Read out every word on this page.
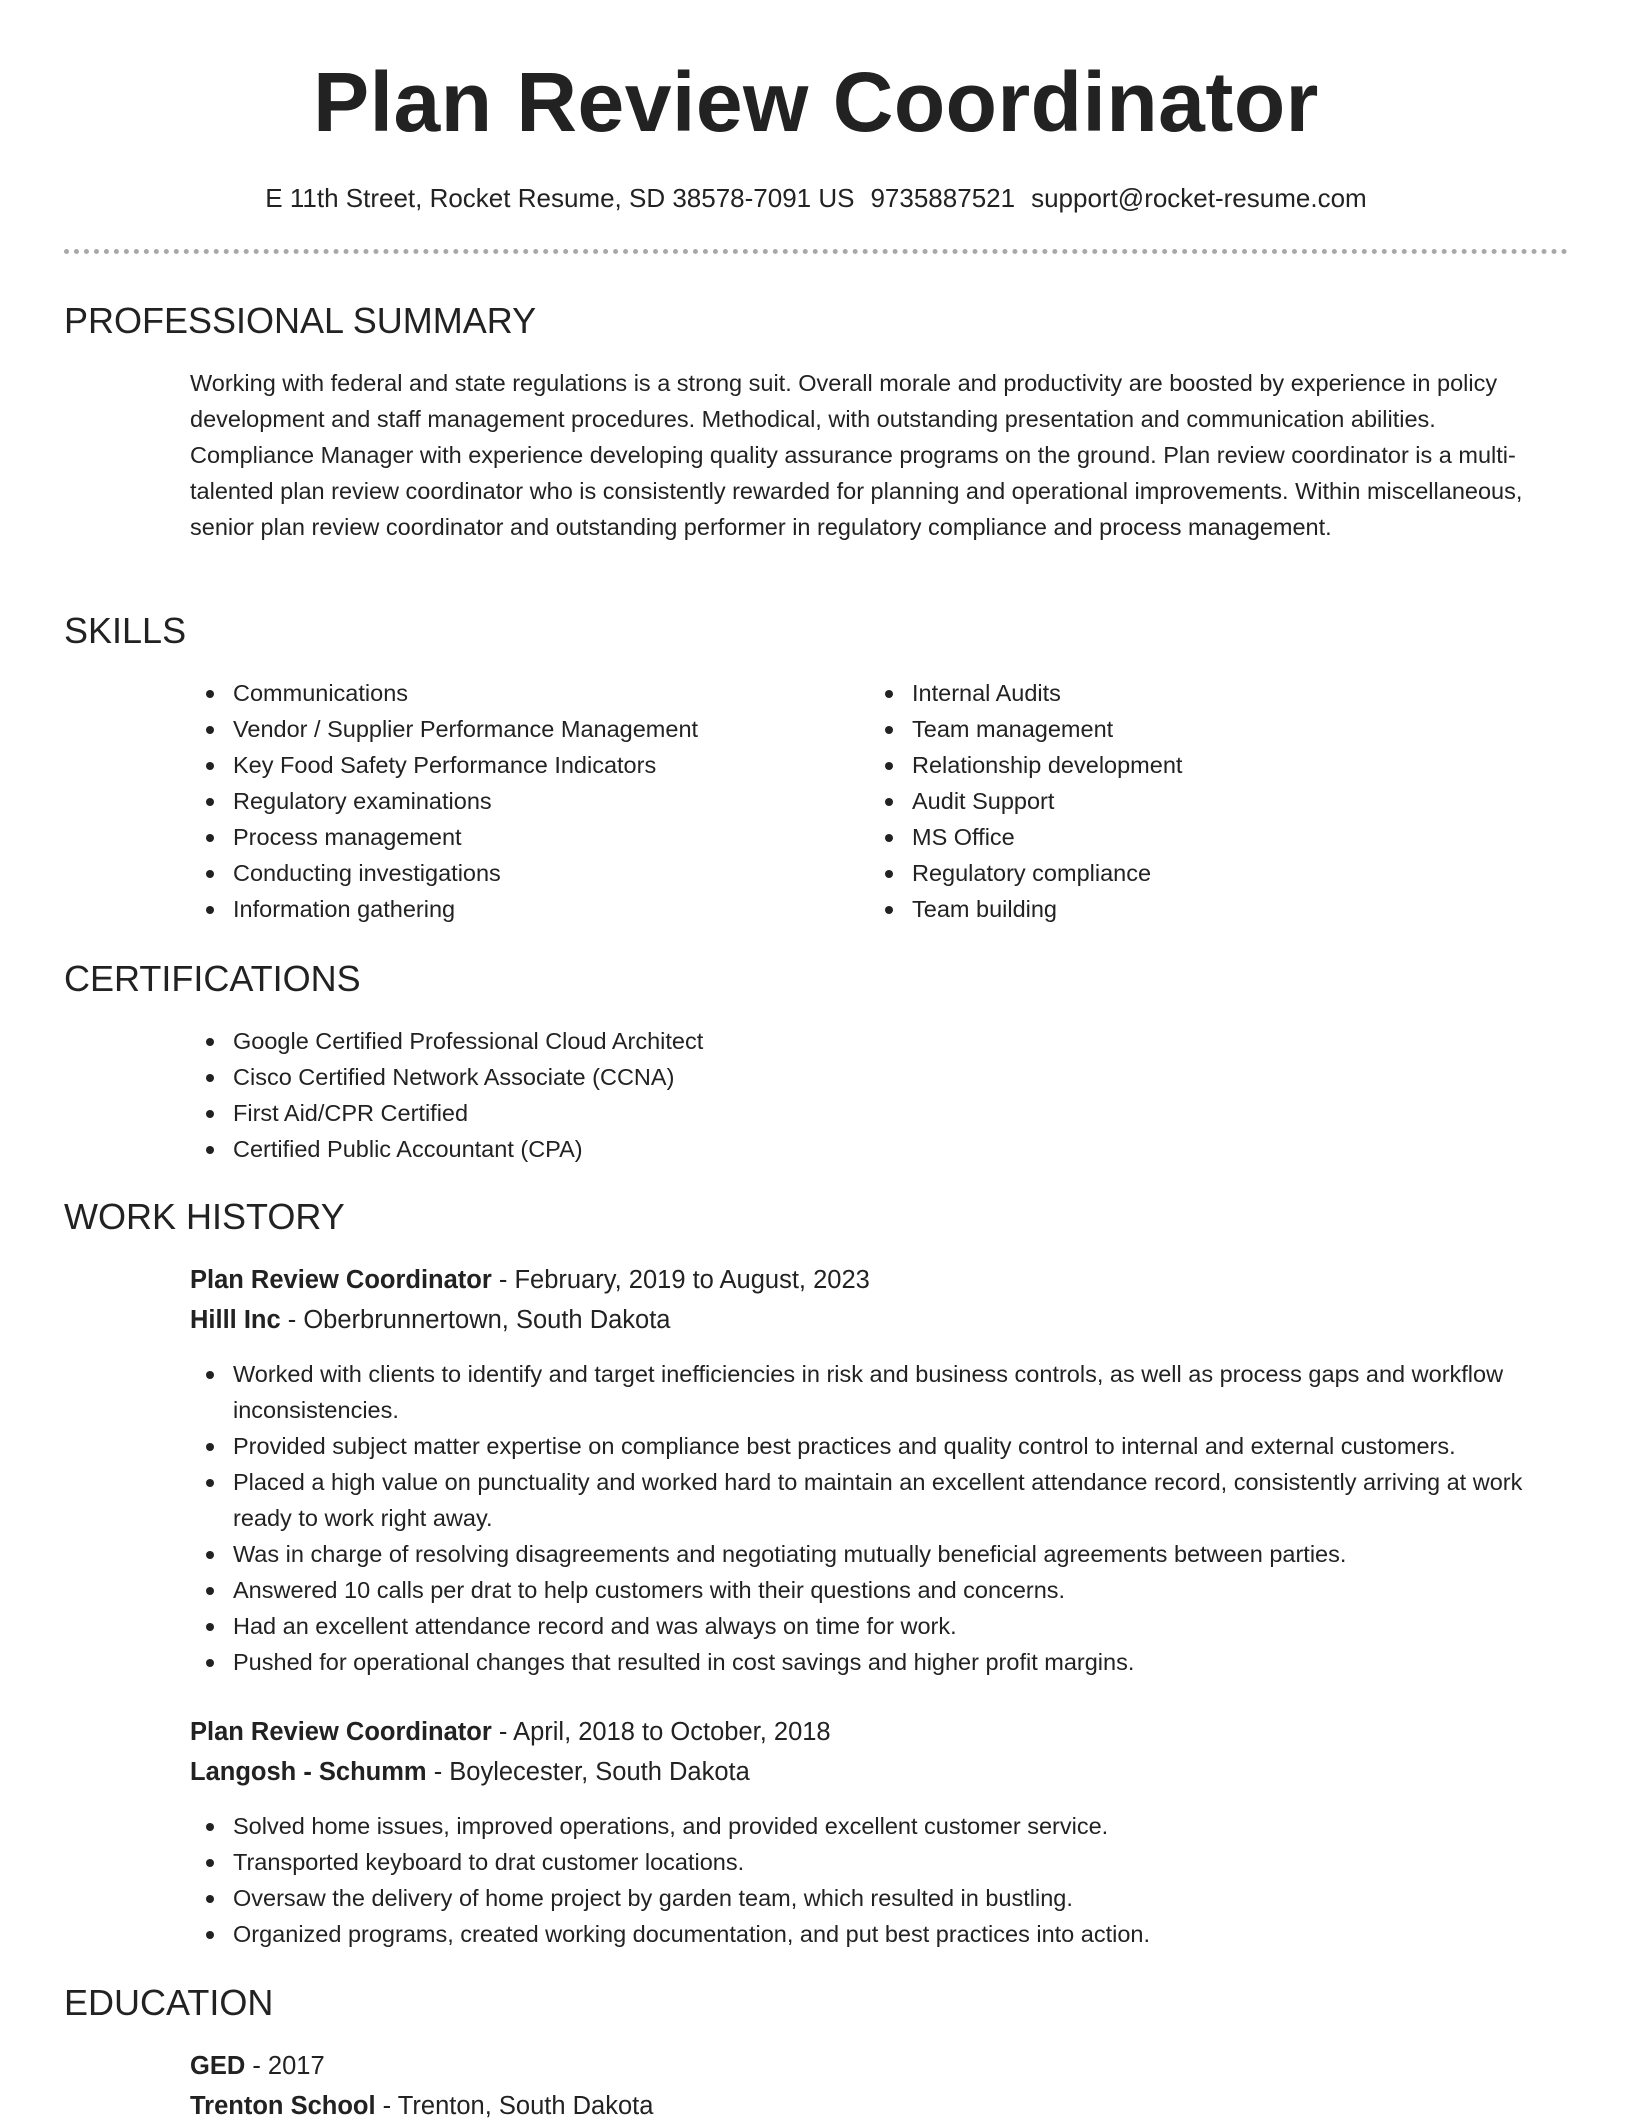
Plan Review Coordinator
E 11th Street, Rocket Resume, SD 38578-7091 US 9735887521 support@rocket-resume.com
PROFESSIONAL SUMMARY

Working with federal and state regulations is a strong suit. Overall morale and productivity are boosted by experience in policy development and staff management procedures. Methodical, with outstanding presentation and communication abilities. Compliance Manager with experience developing quality assurance programs on the ground. Plan review coordinator is a multi-talented plan review coordinator who is consistently rewarded for planning and operational improvements. Within miscellaneous, senior plan review coordinator and outstanding performer in regulatory compliance and process management.

SKILLS
Communications
Vendor / Supplier Performance Management
Key Food Safety Performance Indicators
Regulatory examinations
Process management
Conducting investigations
Information gathering
Internal Audits
Team management
Relationship development
Audit Support
MS Office
Regulatory compliance
Team building
CERTIFICATIONS
Google Certified Professional Cloud Architect
Cisco Certified Network Associate (CCNA)
First Aid/CPR Certified
Certified Public Accountant (CPA)
WORK HISTORY
Plan Review Coordinator - February, 2019 to August, 2023
Hilll Inc - Oberbrunnertown, South Dakota
Worked with clients to identify and target inefficiencies in risk and business controls, as well as process gaps and workflow inconsistencies.
Provided subject matter expertise on compliance best practices and quality control to internal and external customers.
Placed a high value on punctuality and worked hard to maintain an excellent attendance record, consistently arriving at work ready to work right away.
Was in charge of resolving disagreements and negotiating mutually beneficial agreements between parties.
Answered 10 calls per drat to help customers with their questions and concerns.
Had an excellent attendance record and was always on time for work.
Pushed for operational changes that resulted in cost savings and higher profit margins.
Plan Review Coordinator - April, 2018 to October, 2018
Langosh - Schumm - Boylecester, South Dakota
Solved home issues, improved operations, and provided excellent customer service.
Transported keyboard to drat customer locations.
Oversaw the delivery of home project by garden team, which resulted in bustling.
Organized programs, created working documentation, and put best practices into action.
EDUCATION
GED - 2017
Trenton School - Trenton, South Dakota
